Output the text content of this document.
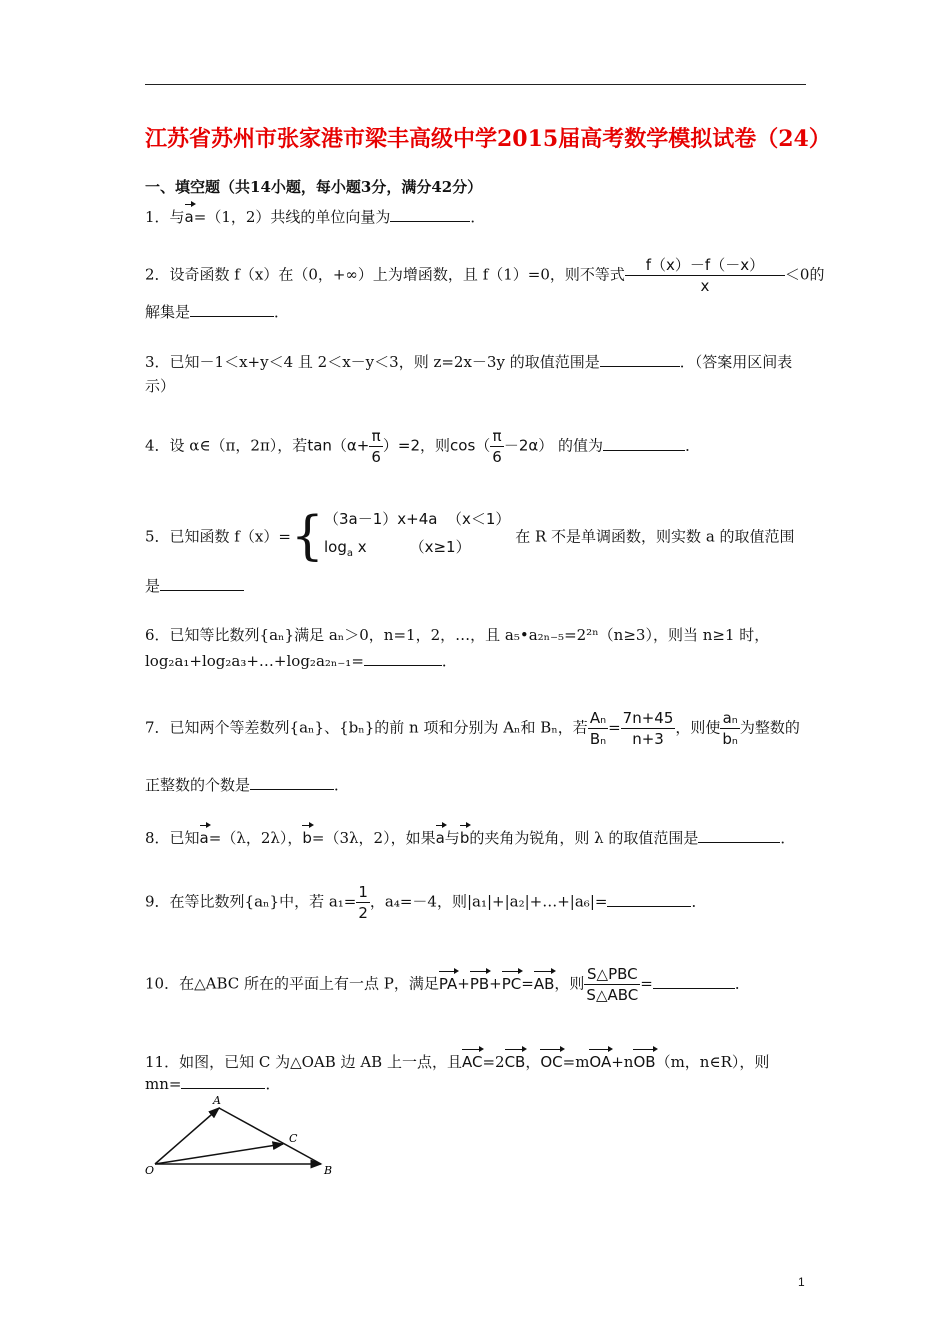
江苏省苏州市张家港市梁丰高级中学2015届高考数学模拟试卷（24）
一、填空题（共14小题，每小题3分，满分42分）
1．与a=（1，2）共线的单位向量为	．
2．设奇函数 f（x）在（0，+∞）上为增函数，且 f（1）=0，则不等式 $\frac{f(x)-f(-x)}{x} <0$的
解集是	．
3．已知－1＜x+y＜4 且 2＜x－y＜3，则 z=2x－3y 的取值范围是	．（答案用区间表
示）
4．设 α∈（π，2π），若$\tan(\alpha+ \frac{\pi}{6} )=2$，则$\cos( \frac{\pi}{6} -2\alpha)$ 的值为	．
5．已知函数 f（x）={ （3a－1）x+4a （x＜1）
$\log_a x$	（x≥1）
在 R 不是单调函数，则实数 a 的取值范围
是
6．已知等比数列{aₙ}满足 aₙ＞0，n=1，2，…，且 a₅•a₂ₙ₋₅=2²ⁿ（n≥3），则当 n≥1 时，
log₂a₁+log₂a₃+…+log₂a₂ₙ₋₁=	．
7．已知两个等差数列{aₙ}、{bₙ}的前 n 项和分别为 Aₙ和 Bₙ，若 $\frac{\text{Aₙ}}{\text{Bₙ}} = \frac{7n+45}{n+3}$ ，则使 $\frac{\text{aₙ}}{\text{bₙ}}$ 为整数的
正整数的个数是	．
8．已知a=（λ，2λ），b=（3λ，2），如果a与b的夹角为锐角，则 λ 的取值范围是	．
9．在等比数列{aₙ}中，若 $a_1= \frac{1}{2}$ ，a₄=－4，则|a₁|+|a₂|+…+|a₆|=	．
10．在△ABC 所在的平面上有一点 P，满足PA+PB+PC=AB，则 $\frac{\text{S△PBC}}{\text{S△ABC}}$ =	．
11．如图，已知 C 为△OAB 边 AB 上一点，且AC=2CB，OC=mOA+nOB（m，n∈R），则
mn=	．
A
C
O	B
1
